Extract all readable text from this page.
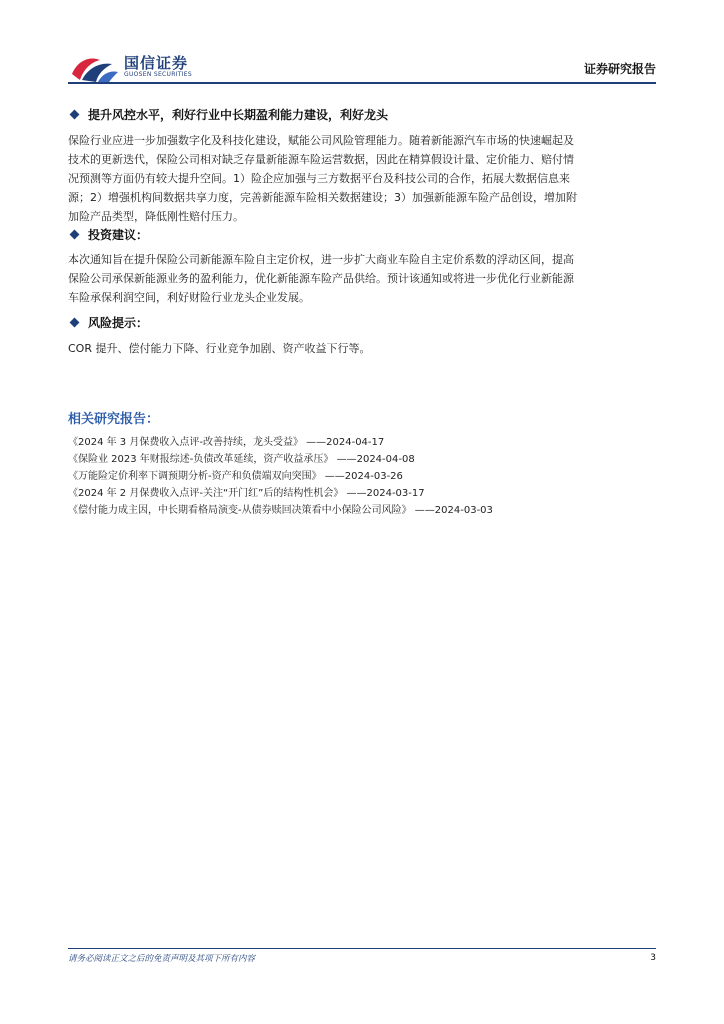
国信证券
GUOSEN SECURITIES	证券研究报告
提升风控水平，利好行业中长期盈利能力建设，利好龙头
保险行业应进一步加强数字化及科技化建设，赋能公司风险管理能力。随着新能源汽车市场的快速崛起及
技术的更新迭代，保险公司相对缺乏存量新能源车险运营数据，因此在精算假设计量、定价能力、赔付情
况预测等方面仍有较大提升空间。1）险企应加强与三方数据平台及科技公司的合作，拓展大数据信息来
源；2）增强机构间数据共享力度，完善新能源车险相关数据建设；3）加强新能源车险产品创设，增加附
加险产品类型，降低刚性赔付压力。
投资建议：
本次通知旨在提升保险公司新能源车险自主定价权，进一步扩大商业车险自主定价系数的浮动区间，提高
保险公司承保新能源业务的盈利能力，优化新能源车险产品供给。预计该通知或将进一步优化行业新能源
车险承保利润空间，利好财险行业龙头企业发展。
风险提示：
COR 提升、偿付能力下降、行业竞争加剧、资产收益下行等。
相关研究报告：
《2024 年 3 月保费收入点评-改善持续，龙头受益》 ——2024-04-17
《保险业 2023 年财报综述-负债改革延续，资产收益承压》 ——2024-04-08
《万能险定价利率下调预期分析-资产和负债端双向突围》 ——2024-03-26
《2024 年 2 月保费收入点评-关注“开门红”后的结构性机会》 ——2024-03-17
《偿付能力成主因，中长期看格局演变-从债券赎回决策看中小保险公司风险》 ——2024-03-03
请务必阅读正文之后的免责声明及其项下所有内容	3
